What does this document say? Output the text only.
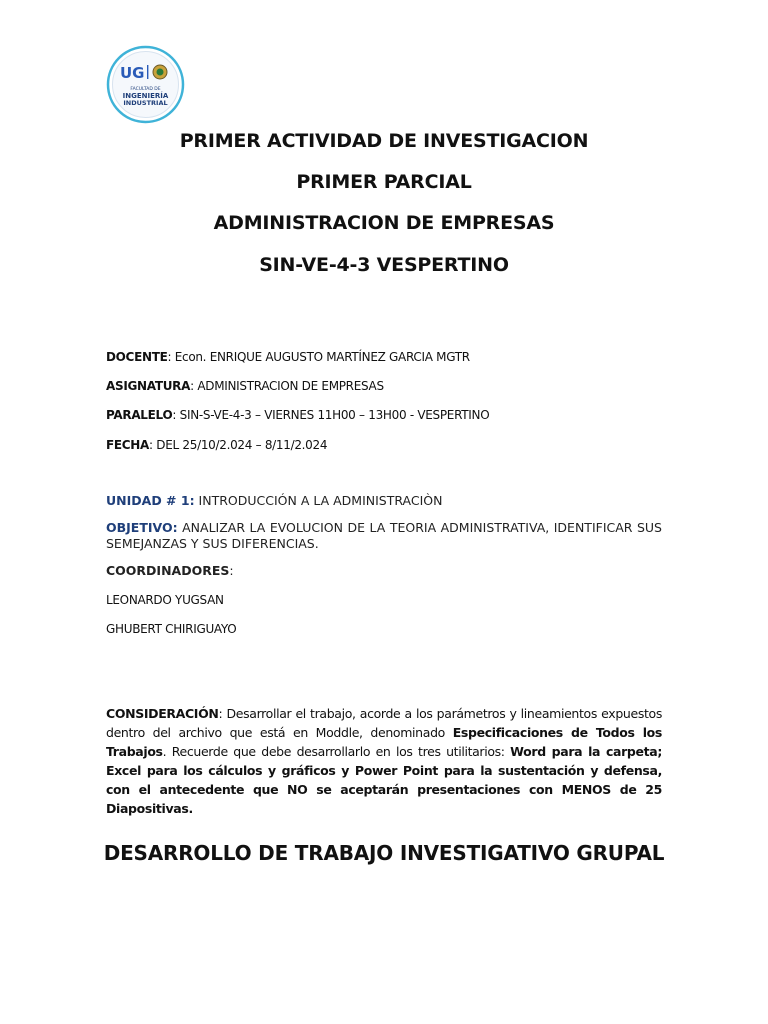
UG
FACULTAD DE
INGENIERÍA
INDUSTRIAL
PRIMER ACTIVIDAD DE INVESTIGACION
PRIMER PARCIAL
ADMINISTRACION DE EMPRESAS
SIN-VE-4-3 VESPERTINO
DOCENTE: Econ. ENRIQUE AUGUSTO MARTÍNEZ GARCIA MGTR
ASIGNATURA: ADMINISTRACION DE EMPRESAS
PARALELO: SIN-S-VE-4-3 – VIERNES 11H00 – 13H00 - VESPERTINO
FECHA: DEL 25/10/2.024 – 8/11/2.024
UNIDAD # 1: INTRODUCCIÓN A LA ADMINISTRACIÒN
OBJETIVO: ANALIZAR LA EVOLUCION DE LA TEORIA ADMINISTRATIVA, IDENTIFICAR SUS SEMEJANZAS Y SUS DIFERENCIAS.
COORDINADORES:
LEONARDO YUGSAN
GHUBERT CHIRIGUAYO
CONSIDERACIÓN: Desarrollar el trabajo, acorde a los parámetros y lineamientos expuestos dentro del archivo que está en Moddle, denominado Especificaciones de Todos los Trabajos. Recuerde que debe desarrollarlo en los tres utilitarios: Word para la carpeta; Excel para los cálculos y gráficos y Power Point para la sustentación y defensa, con el antecedente que NO se aceptarán presentaciones con MENOS de 25 Diapositivas.
DESARROLLO DE TRABAJO INVESTIGATIVO GRUPAL
